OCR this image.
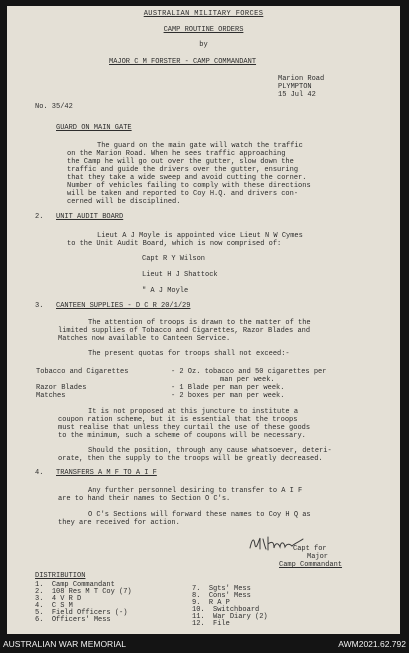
AUSTRALIAN MILITARY FORCES
CAMP ROUTINE ORDERS
by
MAJOR C M FORSTER - CAMP COMMANDANT
Marion Road
PLYMPTON
15 Jul 42
No. 35/42
GUARD ON MAIN GATE
The guard on the main gate will watch the traffic
on the Marion Road. When he sees traffic approaching
the Camp he will go out over the gutter, slow down the
traffic and guide the drivers over the gutter, ensuring
that they take a wide sweep and avoid cutting the corner.
Number of vehicles failing to comply with these directions
will be taken and reported to Coy H.Q. and drivers con-
cerned will be disciplined.
2. UNIT AUDIT BOARD
Lieut A J Moyle is appointed vice Lieut N W Cymes
to the Unit Audit Board, which is now comprised of:
Capt R Y Wilson
Lieut H J Shattock
" A J Moyle
3. CANTEEN SUPPLIES - D C R 20/1/29
The attention of troops is drawn to the matter of the
limited supplies of Tobacco and Cigarettes, Razor Blades and
Matches now available to Canteen Service.
The present quotas for troops shall not exceed:-
Tobacco and Cigarettes	- 2 Oz. tobacco and 50 cigarettes per
man per week.
Razor Blades	- 1 Blade per man per week.
Matches	- 2 boxes per man per week.
It is not proposed at this juncture to institute a
coupon ration scheme, but it is essential that the troops
must realise that unless they curtail the use of these goods
to the minimum, such a scheme of coupons will be necessary.
Should the position, through any cause whatsoever, deteri-
orate, then the supply to the troops will be greatly decreased.
4. TRANSFERS A M F TO A I F
Any further personnel desiring to transfer to A I F
are to hand their names to Section O C's.
O C's Sections will forward these names to Coy H Q as
they are received for action.
Capt for
Major
Camp Commandant
DISTRIBUTION
1. Camp Commandant
2. 108 Res M T Coy (7)
3. 4 V R D
4. C S M
5. Field Officers (-)
6. Officers' Mess
7. Sgts' Mess
8. Cons' Mess
9. R A P
10. Switchboard
11. War Diary (2)
12. File
AUSTRALIAN WAR MEMORIAL	AWM2021.62.792
